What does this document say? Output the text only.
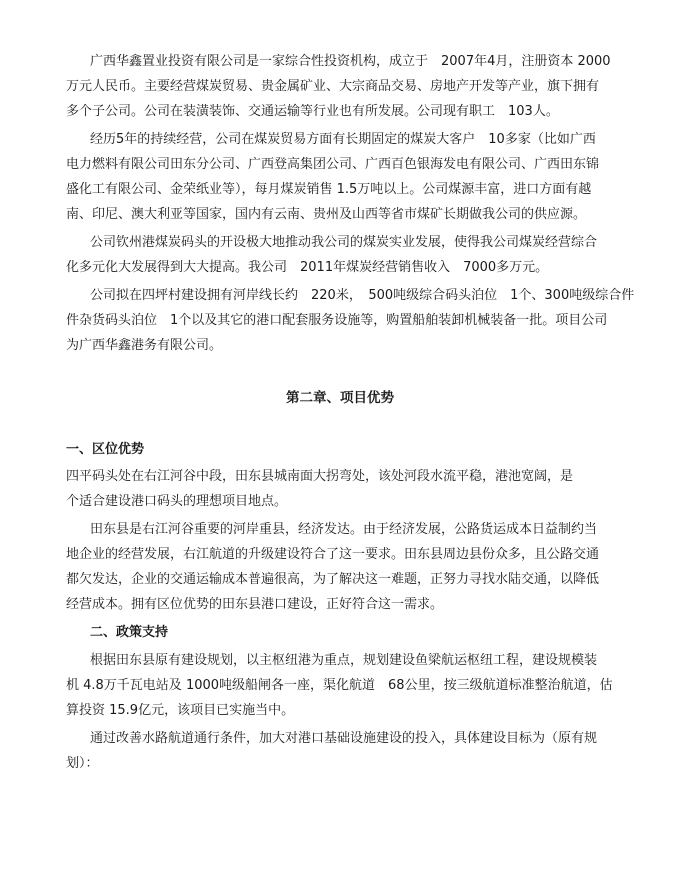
广西华鑫置业投资有限公司是一家综合性投资机构，成立于　2007年4月，注册资本 2000
万元人民币。主要经营煤炭贸易、贵金属矿业、大宗商品交易、房地产开发等产业，旗下拥有
多个子公司。公司在装潢装饰、交通运输等行业也有所发展。公司现有职工　103人。
经历5年的持续经营，公司在煤炭贸易方面有长期固定的煤炭大客户　10多家（比如广西
电力燃料有限公司田东分公司、广西登高集团公司、广西百色银海发电有限公司、广西田东锦
盛化工有限公司、金荣纸业等），每月煤炭销售 1.5万吨以上。公司煤源丰富，进口方面有越
南、印尼、澳大利亚等国家，国内有云南、贵州及山西等省市煤矿长期做我公司的供应源。
公司钦州港煤炭码头的开设极大地推动我公司的煤炭实业发展，使得我公司煤炭经营综合
化多元化大发展得到大大提高。我公司　2011年煤炭经营销售收入　7000多万元。
公司拟在四坪村建设拥有河岸线长约　220米，　500吨级综合码头泊位　1个、300吨级综合件
件杂货码头泊位　1个以及其它的港口配套服务设施等，购置船舶装卸机械装备一批。项目公司
为广西华鑫港务有限公司。
第二章、项目优势
一、区位优势
四平码头处在右江河谷中段，田东县城南面大拐弯处，该处河段水流平稳，港池宽阔，是
个适合建设港口码头的理想项目地点。
田东县是右江河谷重要的河岸重县，经济发达。由于经济发展，公路货运成本日益制约当
地企业的经营发展，右江航道的升级建设符合了这一要求。田东县周边县份众多，且公路交通
都欠发达，企业的交通运输成本普遍很高，为了解决这一难题，正努力寻找水陆交通，以降低
经营成本。拥有区位优势的田东县港口建设，正好符合这一需求。
二、政策支持
根据田东县原有建设规划，以主枢纽港为重点，规划建设鱼梁航运枢纽工程，建设规模装
机 4.8万千瓦电站及 1000吨级船闸各一座，渠化航道　68公里，按三级航道标准整治航道，估
算投资 15.9亿元，该项目已实施当中。
通过改善水路航道通行条件，加大对港口基础设施建设的投入，具体建设目标为（原有规
划）：
